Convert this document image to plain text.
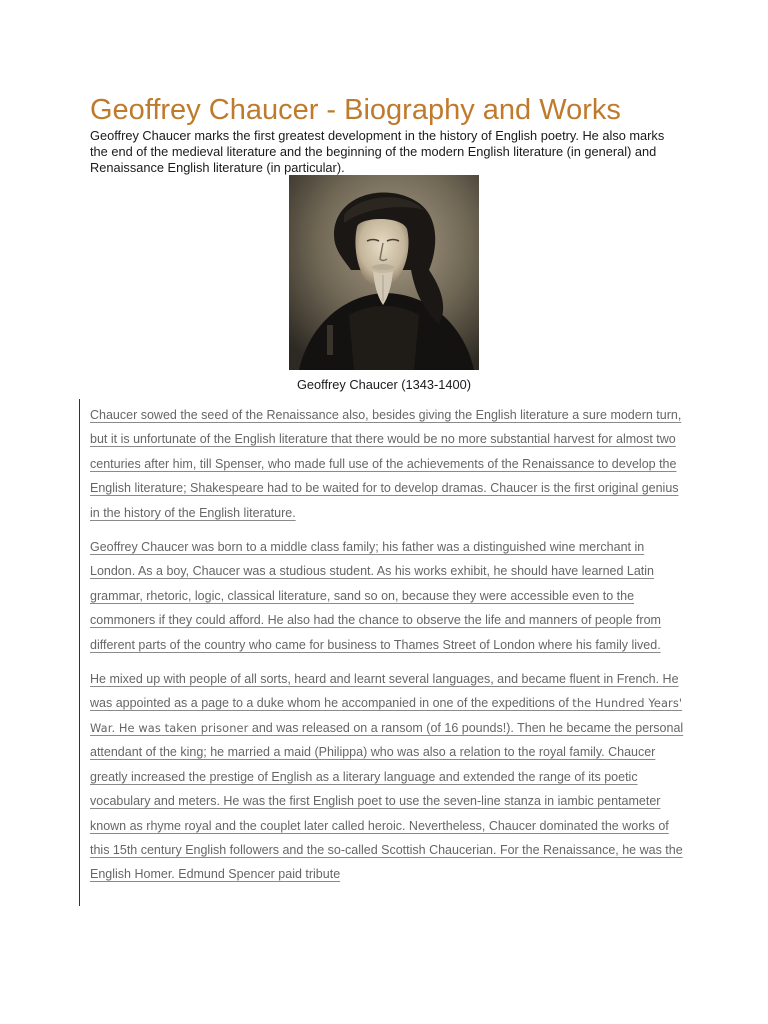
Geoffrey Chaucer - Biography and Works

Geoffrey Chaucer marks the first greatest development in the history of English poetry. He also marks the end of the medieval literature and the beginning of the modern English literature (in general) and Renaissance English literature (in particular).

Geoffrey Chaucer (1343-1400)

Chaucer sowed the seed of the Renaissance also, besides giving the English literature a sure modern turn, but it is unfortunate of the English literature that there would be no more substantial harvest for almost two centuries after him, till Spenser, who made full use of the achievements of the Renaissance to develop the English literature; Shakespeare had to be waited for to develop dramas. Chaucer is the first original genius in the history of the English literature.

Geoffrey Chaucer was born to a middle class family; his father was a distinguished wine merchant in London. As a boy, Chaucer was a studious student. As his works exhibit, he should have learned Latin grammar, rhetoric, logic, classical literature, sand so on, because they were accessible even to the commoners if they could afford. He also had the chance to observe the life and manners of people from different parts of the country who came for business to Thames Street of London where his family lived.

He mixed up with people of all sorts, heard and learnt several languages, and became fluent in French. He was appointed as a page to a duke whom he accompanied in one of the expeditions of the Hundred Years' War. He was taken prisoner and was released on a ransom (of 16 pounds!). Then he became the personal attendant of the king; he married a maid (Philippa) who was also a relation to the royal family. Chaucer greatly increased the prestige of English as a literary language and extended the range of its poetic vocabulary and meters. He was the first English poet to use the seven-line stanza in iambic pentameter known as rhyme royal and the couplet later called heroic. Nevertheless, Chaucer dominated the works of this 15th century English followers and the so-called Scottish Chaucerian. For the Renaissance, he was the English Homer. Edmund Spencer paid tribute
